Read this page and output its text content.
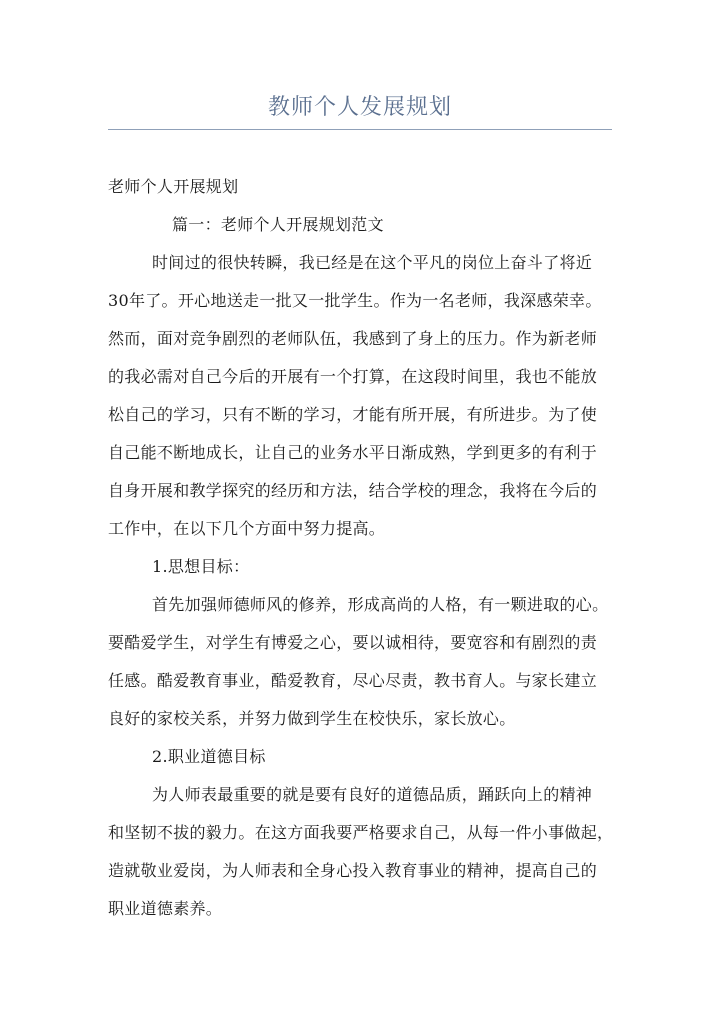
教师个人发展规划
老师个人开展规划
篇一：老师个人开展规划范文
时间过的很快转瞬，我已经是在这个平凡的岗位上奋斗了将近
30年了。开心地送走一批又一批学生。作为一名老师，我深感荣幸。
然而，面对竞争剧烈的老师队伍，我感到了身上的压力。作为新老师
的我必需对自己今后的开展有一个打算，在这段时间里，我也不能放
松自己的学习，只有不断的学习，才能有所开展，有所进步。为了使
自己能不断地成长，让自己的业务水平日渐成熟，学到更多的有利于
自身开展和教学探究的经历和方法，结合学校的理念，我将在今后的
工作中，在以下几个方面中努力提高。
1.思想目标：
首先加强师德师风的修养，形成高尚的人格，有一颗进取的心。
要酷爱学生，对学生有博爱之心，要以诚相待，要宽容和有剧烈的责
任感。酷爱教育事业，酷爱教育，尽心尽责，教书育人。与家长建立
良好的家校关系，并努力做到学生在校快乐，家长放心。
2.职业道德目标
为人师表最重要的就是要有良好的道德品质，踊跃向上的精神
和坚韧不拔的毅力。在这方面我要严格要求自己，从每一件小事做起，
造就敬业爱岗，为人师表和全身心投入教育事业的精神，提高自己的
职业道德素养。
